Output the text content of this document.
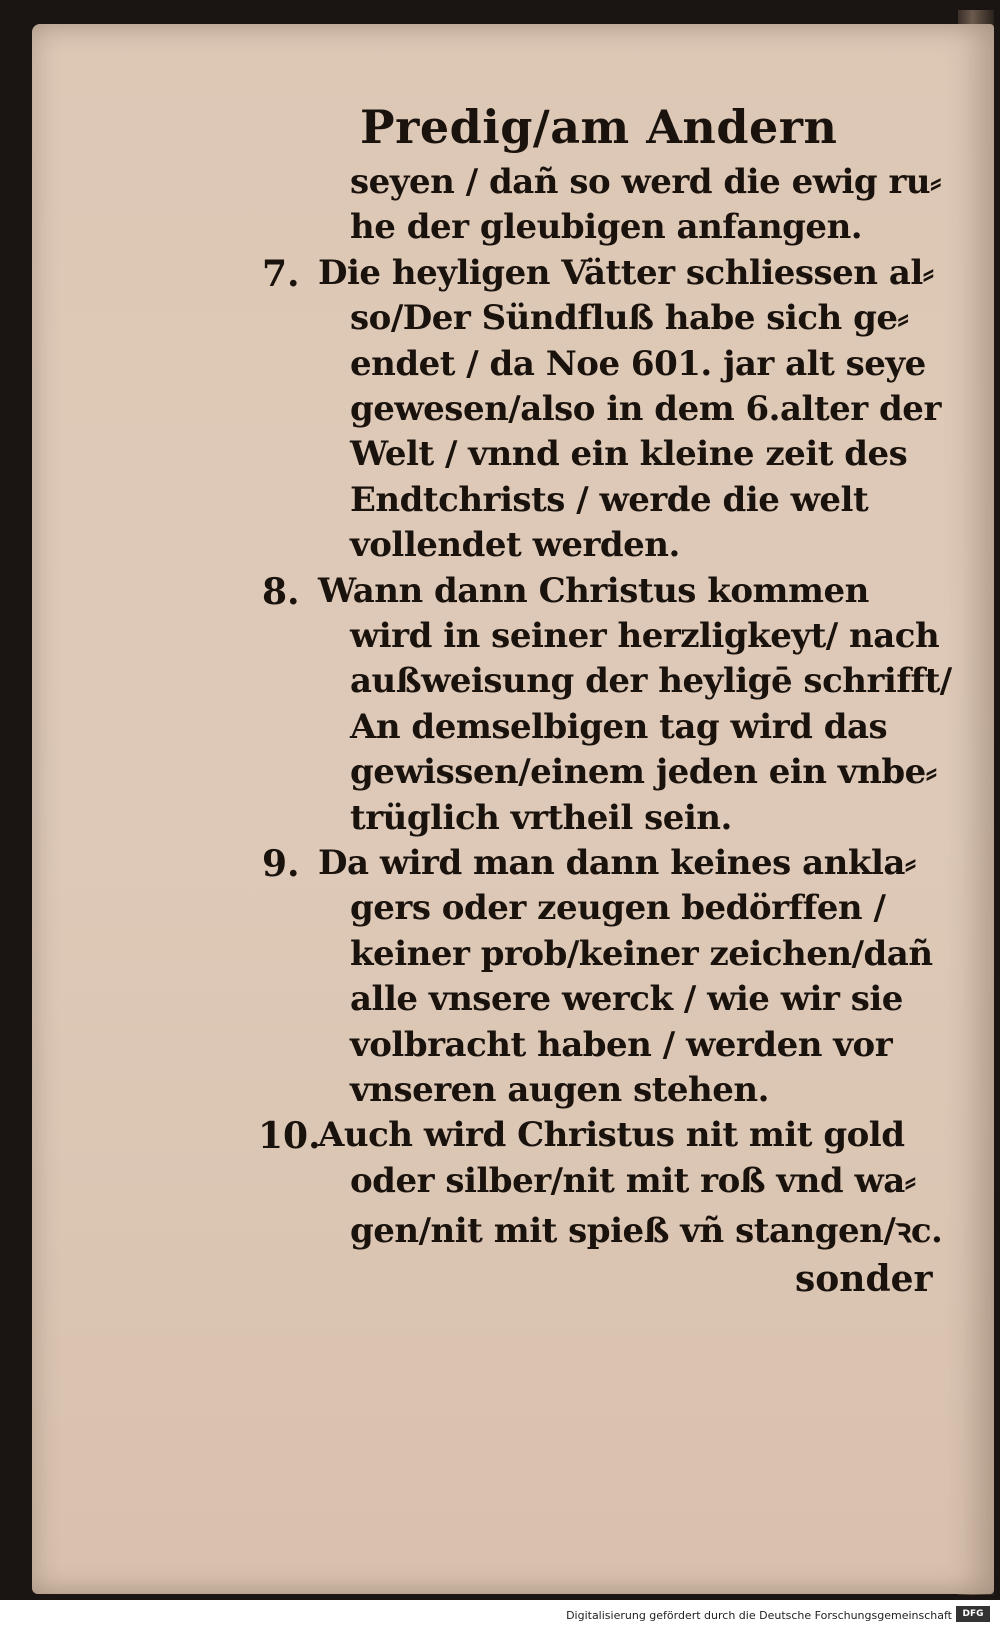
Predig/am Andern
seyen / dañ so werd die ewig ru⸗
he der gleubigen anfangen.
7. Die heyligen Vätter schliessen al⸗
so/Der Sündfluß habe sich ge⸗
endet / da Noe 601. jar alt seye
gewesen/also in dem 6.alter der
Welt / vnnd ein kleine zeit des
Endtchrists / werde die welt
vollendet werden.
8. Wann dann Christus kommen
wird in seiner herzligkeyt/ nach
außweisung der heyligē schrifft/
An demselbigen tag wird das
gewissen/einem jeden ein vnbe⸗
trüglich vrtheil sein.
9. Da wird man dann keines ankla⸗
gers oder zeugen bedörffen /
keiner prob/keiner zeichen/dañ
alle vnsere werck / wie wir sie
volbracht haben / werden vor
vnseren augen stehen.
10.
Auch wird Christus nit mit gold
oder silber/nit mit roß vnd wa⸗
gen/nit mit spieß vñ stangen/ꝛc.
sonder
Digitalisierung gefördert durch die Deutsche Forschungsgemeinschaft	DFG
